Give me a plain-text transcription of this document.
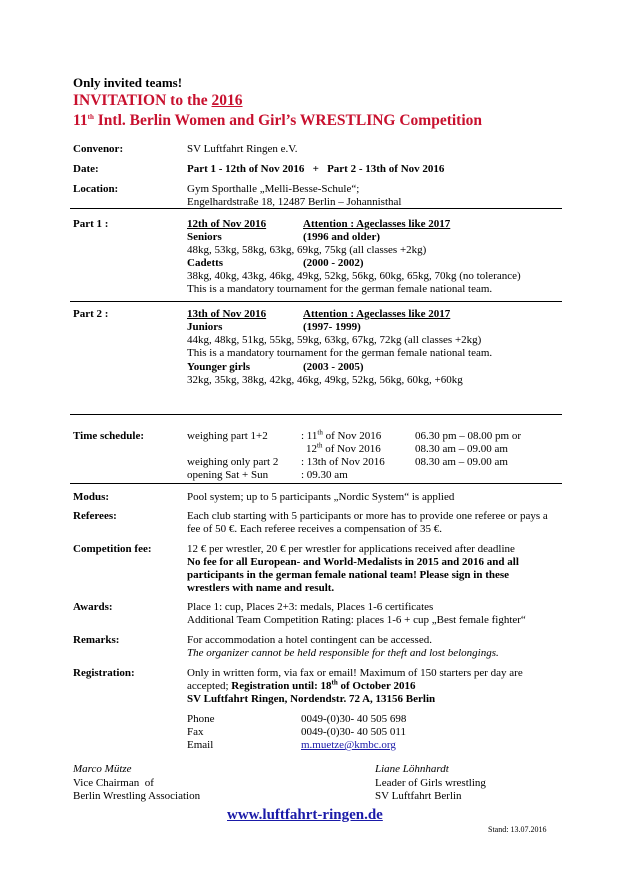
Only invited teams!
INVITATION to the 2016
11th Intl. Berlin Women and Girl’s WRESTLING Competition
Convenor:	SV Luftfahrt Ringen e.V.
Date:	Part 1 - 12th of Nov 2016   +   Part 2 - 13th of Nov 2016
Location:	Gym Sporthalle „Melli-Besse-Schule“;
Engelhardstraße 18, 12487 Berlin – Johannisthal
Part 1 :	12th of Nov 2016	Attention : Ageclasses like 2017
Seniors	(1996 and older)
48kg, 53kg, 58kg, 63kg, 69kg, 75kg (all classes +2kg)
Cadetts	(2000 - 2002)
38kg, 40kg, 43kg, 46kg, 49kg, 52kg, 56kg, 60kg, 65kg, 70kg (no tolerance)
This is a mandatory tournament for the german female national team.
Part 2 :	13th of Nov 2016	Attention : Ageclasses like 2017
Juniors	(1997- 1999)
44kg, 48kg, 51kg, 55kg, 59kg, 63kg, 67kg, 72kg (all classes +2kg)
This is a mandatory tournament for the german female national team.
Younger girls	(2003 - 2005)
32kg, 35kg, 38kg, 42kg, 46kg, 49kg, 52kg, 56kg, 60kg, +60kg
Time schedule:	weighing part 1+2	: 11th of Nov 2016	06.30 pm – 08.00 pm or
12th of Nov 2016	08.30 am – 09.00 am
weighing only part 2 : 13th of Nov 2016	08.30 am – 09.00 am
opening Sat + Sun	: 09.30 am
Modus:	Pool system; up to 5 participants „Nordic System“ is applied
Referees:	Each club starting with 5 participants or more has to provide one referee or pays a
fee of 50 €. Each referee receives a compensation of 35 €.
Competition fee:	12 € per wrestler, 20 € per wrestler for applications received after deadline
No fee for all European- and World-Medalists in 2015 and 2016 and all
participants in the german female national team! Please sign in these
wrestlers with name and result.
Awards:	Place 1: cup, Places 2+3: medals, Places 1-6 certificates
Additional Team Competition Rating: places 1-6 + cup „Best female fighter“
Remarks:	For accommodation a hotel contingent can be accessed.
The organizer cannot be held responsible for theft and lost belongings.
Registration:	Only in written form, via fax or email! Maximum of 150 starters per day are
accepted; Registration until: 18th of October 2016
SV Luftfahrt Ringen, Nordendstr. 72 A, 13156 Berlin
Phone	0049-(0)30- 40 505 698
Fax	0049-(0)30- 40 505 011
Email	m.muetze@kmbc.org
Marco Mütze
Vice Chairman  of
Berlin Wrestling Association
Liane Löhnhardt
Leader of Girls wrestling
SV Luftfahrt Berlin
www.luftfahrt-ringen.de
Stand: 13.07.2016
